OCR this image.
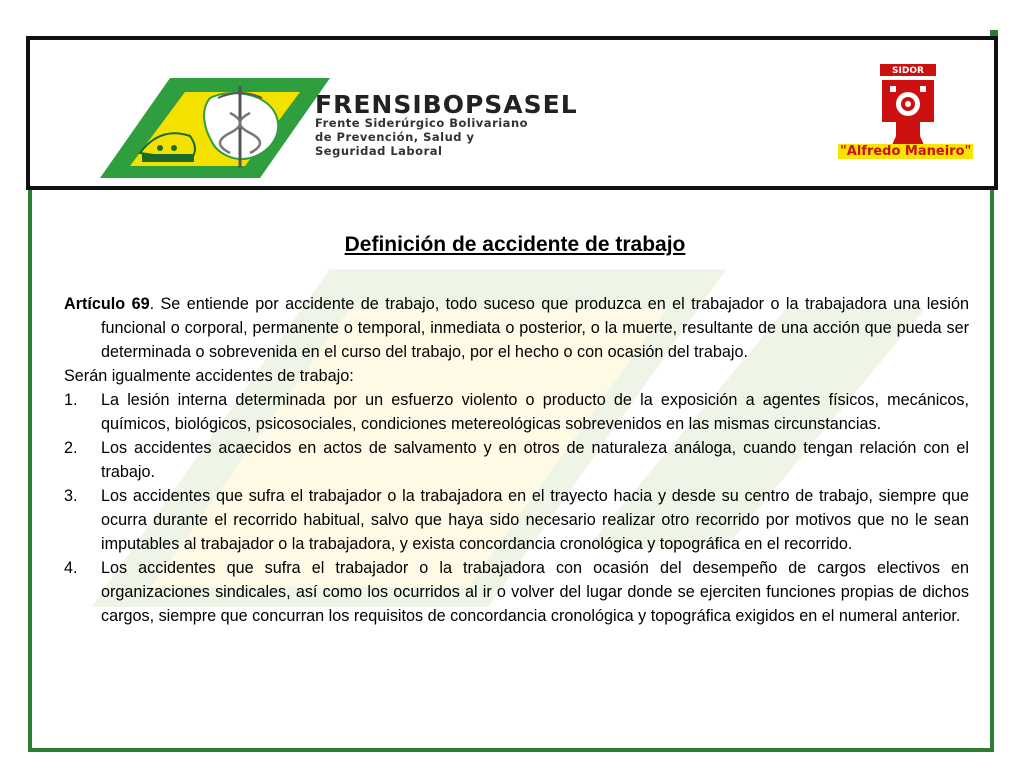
FRENSIBOPSASEL
Frente Siderúrgico Bolivariano
de Prevención, Salud y
Seguridad Laboral
SIDOR
"Alfredo Maneiro"
Definición de accidente de trabajo

Artículo 69. Se entiende por accidente de trabajo, todo suceso que produzca en el trabajador o la trabajadora una lesión funcional o corporal, permanente o temporal, inmediata o posterior, o la muerte, resultante de una acción que pueda ser determinada o sobrevenida en el curso del trabajo, por el hecho o con ocasión del trabajo.

Serán igualmente accidentes de trabajo:

1. La lesión interna determinada por un esfuerzo violento o producto de la exposición a agentes físicos, mecánicos, químicos, biológicos, psicosociales, condiciones metereológicas sobrevenidos en las mismas circunstancias.
2. Los accidentes acaecidos en actos de salvamento y en otros de naturaleza análoga, cuando tengan relación con el trabajo.
3. Los accidentes que sufra el trabajador o la trabajadora en el trayecto hacia y desde su centro de trabajo, siempre que ocurra durante el recorrido habitual, salvo que haya sido necesario realizar otro recorrido por motivos que no le sean imputables al trabajador o la trabajadora, y exista concordancia cronológica y topográfica en el recorrido.
4. Los accidentes que sufra el trabajador o la trabajadora con ocasión del desempeño de cargos electivos en organizaciones sindicales, así como los ocurridos al ir o volver del lugar donde se ejerciten funciones propias de dichos cargos, siempre que concurran los requisitos de concordancia cronológica y topográfica exigidos en el numeral anterior.
